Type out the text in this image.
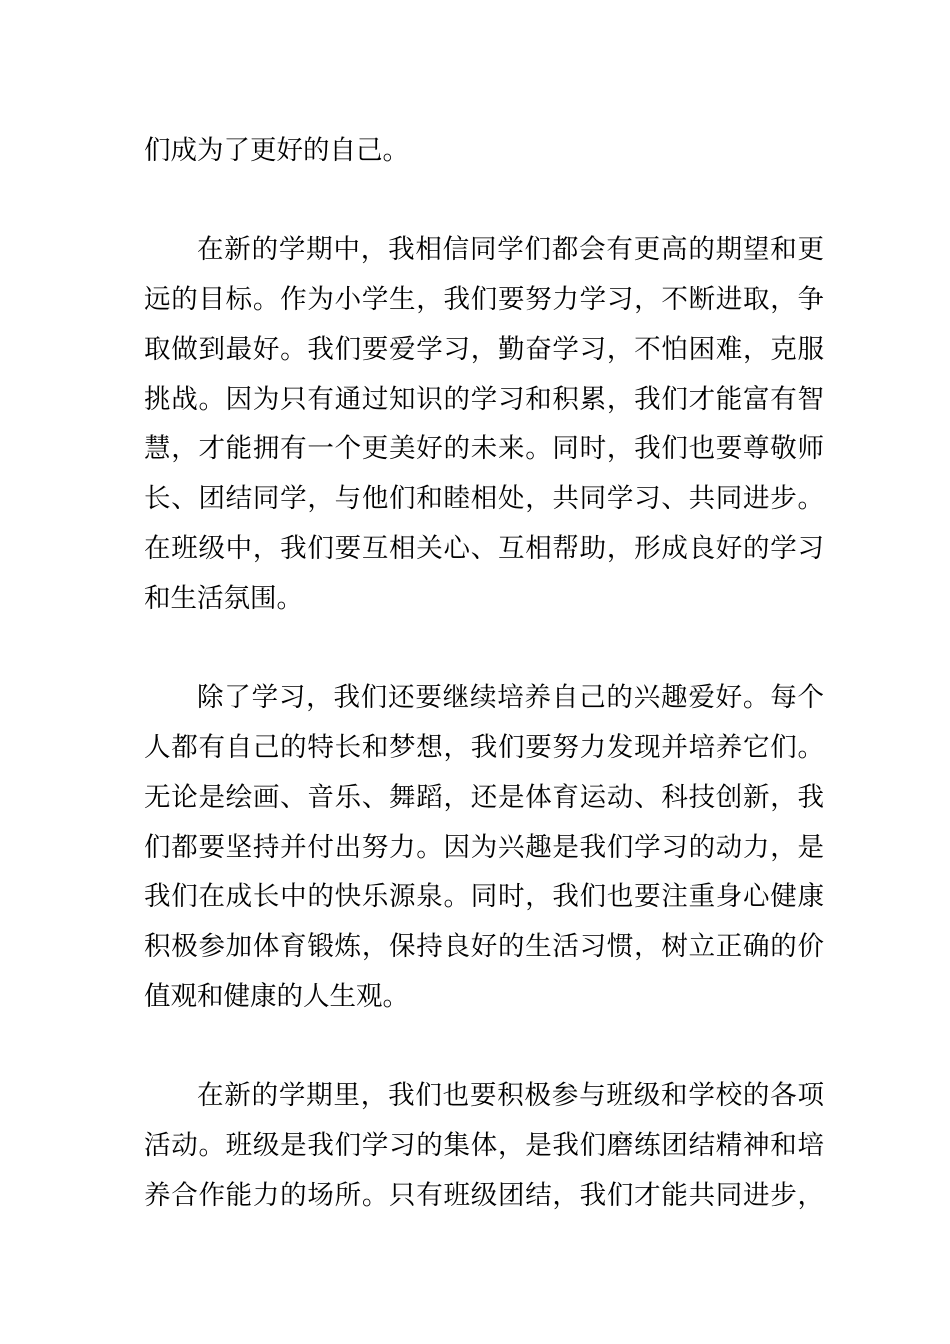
们成为了更好的自己。
在新的学期中，我相信同学们都会有更高的期望和更
远的目标。作为小学生，我们要努力学习，不断进取，争
取做到最好。我们要爱学习，勤奋学习，不怕困难，克服
挑战。因为只有通过知识的学习和积累，我们才能富有智
慧，才能拥有一个更美好的未来。同时，我们也要尊敬师
长、团结同学，与他们和睦相处，共同学习、共同进步。
在班级中，我们要互相关心、互相帮助，形成良好的学习
和生活氛围。
除了学习，我们还要继续培养自己的兴趣爱好。每个
人都有自己的特长和梦想，我们要努力发现并培养它们。
无论是绘画、音乐、舞蹈，还是体育运动、科技创新，我
们都要坚持并付出努力。因为兴趣是我们学习的动力，是
我们在成长中的快乐源泉。同时，我们也要注重身心健康
积极参加体育锻炼，保持良好的生活习惯，树立正确的价
值观和健康的人生观。
在新的学期里，我们也要积极参与班级和学校的各项
活动。班级是我们学习的集体，是我们磨练团结精神和培
养合作能力的场所。只有班级团结，我们才能共同进步，
